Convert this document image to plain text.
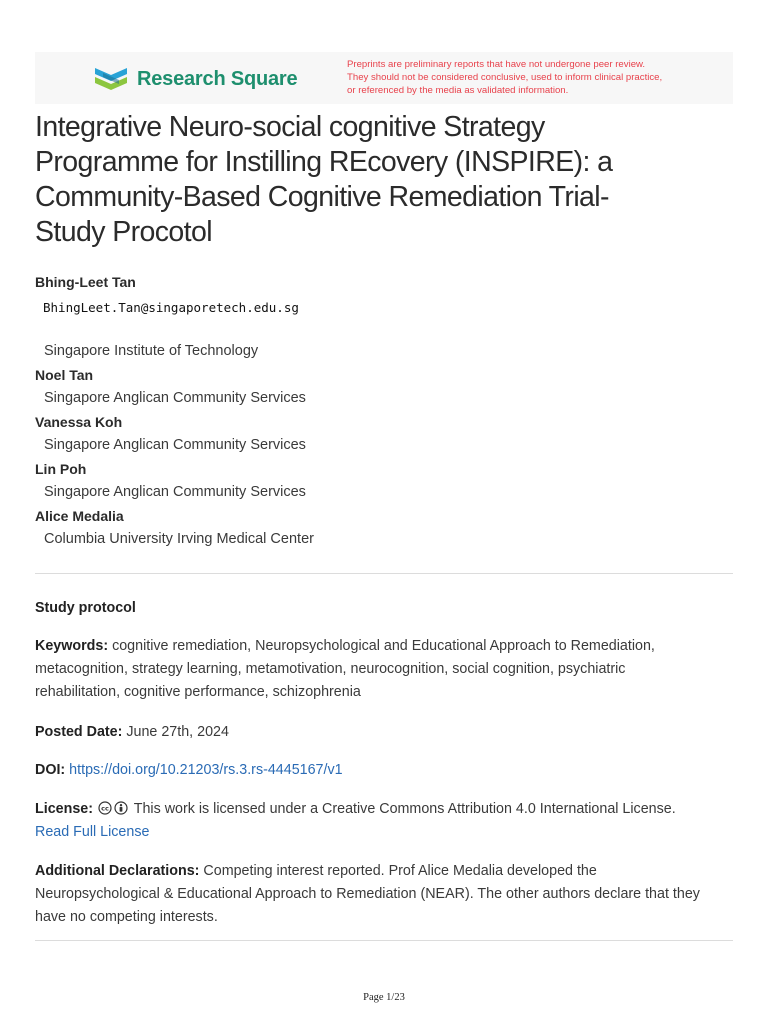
Research Square
Preprints are preliminary reports that have not undergone peer review.
They should not be considered conclusive, used to inform clinical practice,
or referenced by the media as validated information.
Integrative Neuro-social cognitive Strategy
Programme for Instilling REcovery (INSPIRE): a
Community-Based Cognitive Remediation Trial-
Study Procotol
Bhing-Leet Tan
BhingLeet.Tan@singaporetech.edu.sg
Singapore Institute of Technology
Noel Tan
Singapore Anglican Community Services
Vanessa Koh
Singapore Anglican Community Services
Lin Poh
Singapore Anglican Community Services
Alice Medalia
Columbia University Irving Medical Center
Study protocol
Keywords: cognitive remediation, Neuropsychological and Educational Approach to Remediation,
metacognition, strategy learning, metamotivation, neurocognition, social cognition, psychiatric
rehabilitation, cognitive performance, schizophrenia
Posted Date: June 27th, 2024
DOI: https://doi.org/10.21203/rs.3.rs-4445167/v1
License: cc This work is licensed under a Creative Commons Attribution 4.0 International License.
Read Full License
Additional Declarations: Competing interest reported. Prof Alice Medalia developed the
Neuropsychological & Educational Approach to Remediation (NEAR). The other authors declare that they
have no competing interests.
Page 1/23
